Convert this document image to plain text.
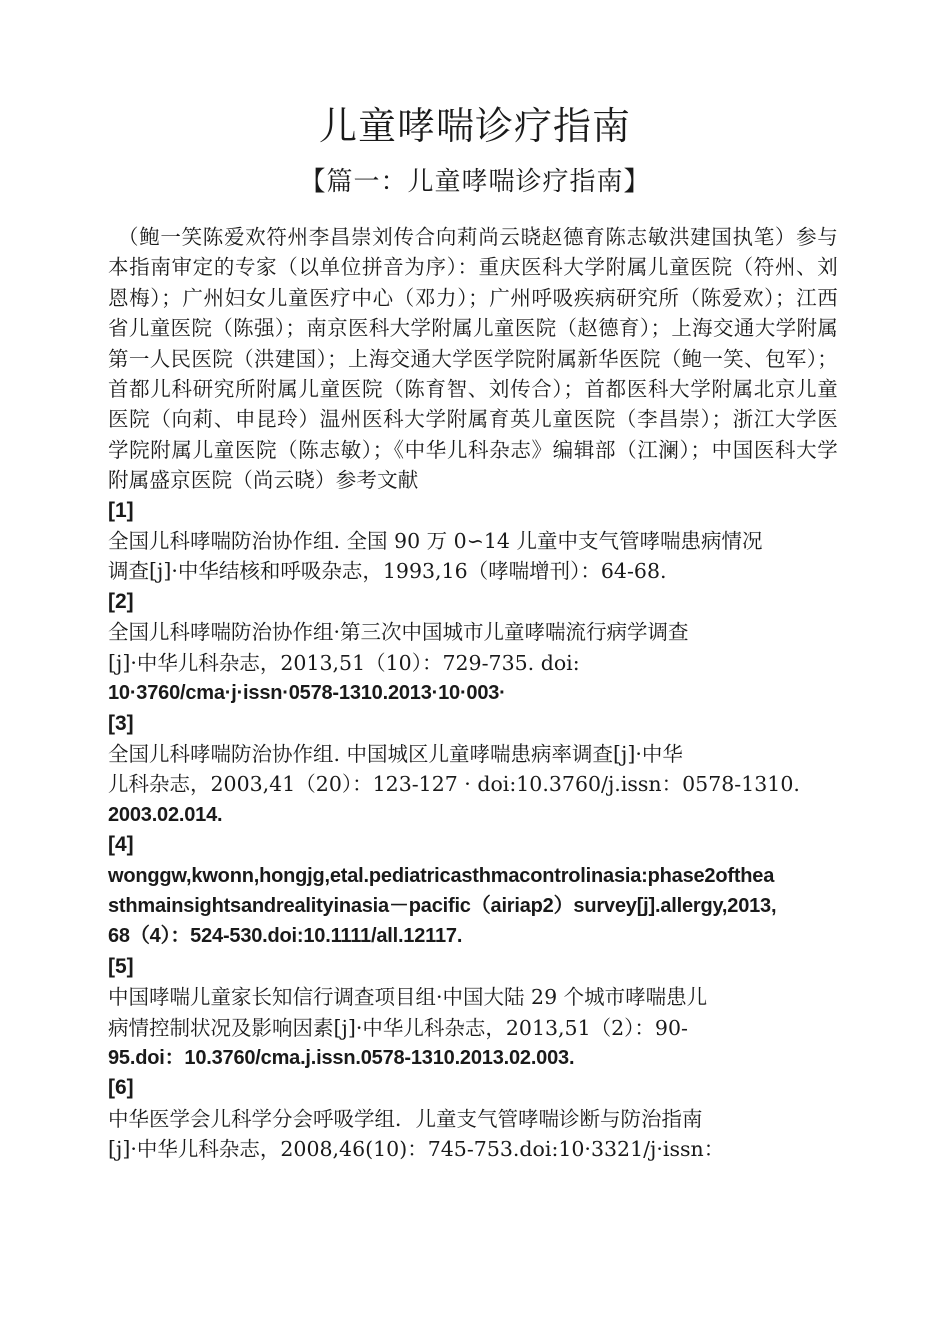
儿童哮喘诊疗指南
【篇一：儿童哮喘诊疗指南】

（鲍一笑陈爱欢符州李昌崇刘传合向莉尚云晓赵德育陈志敏洪建国执笔）参与本指南审定的专家（以单位拼音为序）：重庆医科大学附属儿童医院（符州、刘恩梅）；广州妇女儿童医疗中心（邓力）；广州呼吸疾病研究所（陈爱欢）；江西省儿童医院（陈强）；南京医科大学附属儿童医院（赵德育）；上海交通大学附属第一人民医院（洪建国）；上海交通大学医学院附属新华医院（鲍一笑、包军）；首都儿科研究所附属儿童医院（陈育智、刘传合）；首都医科大学附属北京儿童医院（向莉、申昆玲）温州医科大学附属育英儿童医院（李昌崇）；浙江大学医学院附属儿童医院（陈志敏）；《中华儿科杂志》编辑部（江澜）；中国医科大学附属盛京医院（尚云晓）参考文献

[1]
全国儿科哮喘防治协作组. 全国 90 万 0∽14 儿童中支气管哮喘患病情况
调查[j]·中华结核和呼吸杂志，1993,16（哮喘增刊）：64-68.
[2]
全国儿科哮喘防治协作组·第三次中国城市儿童哮喘流行病学调查
[j]·中华儿科杂志，2013,51（10）：729-735. doi:
10·3760/cma·j·issn·0578-1310.2013·10·003·
[3]
全国儿科哮喘防治协作组. 中国城区儿童哮喘患病率调查[j]·中华
儿科杂志，2003,41（20）：123-127 · doi:10.3760/j.issn：0578-1310.
2003.02.014.
[4]
wonggw,kwonn,hongjg,etal.pediatricasthmacontrolinasia:phase2ofthea
sthmainsightsandrealityinasia－pacific（airiap2）survey[j].allergy,2013,
68（4）：524-530.doi:10.1111/all.12117.
[5]
中国哮喘儿童家长知信行调查项目组·中国大陆 29 个城市哮喘患儿
病情控制状况及影响因素[j]·中华儿科杂志，2013,51（2）：90-
95.doi：10.3760/cma.j.issn.0578-1310.2013.02.003.
[6]
中华医学会儿科学分会呼吸学组．儿童支气管哮喘诊断与防治指南
[j]·中华儿科杂志，2008,46(10)：745-753.doi:10·3321/j·issn：
